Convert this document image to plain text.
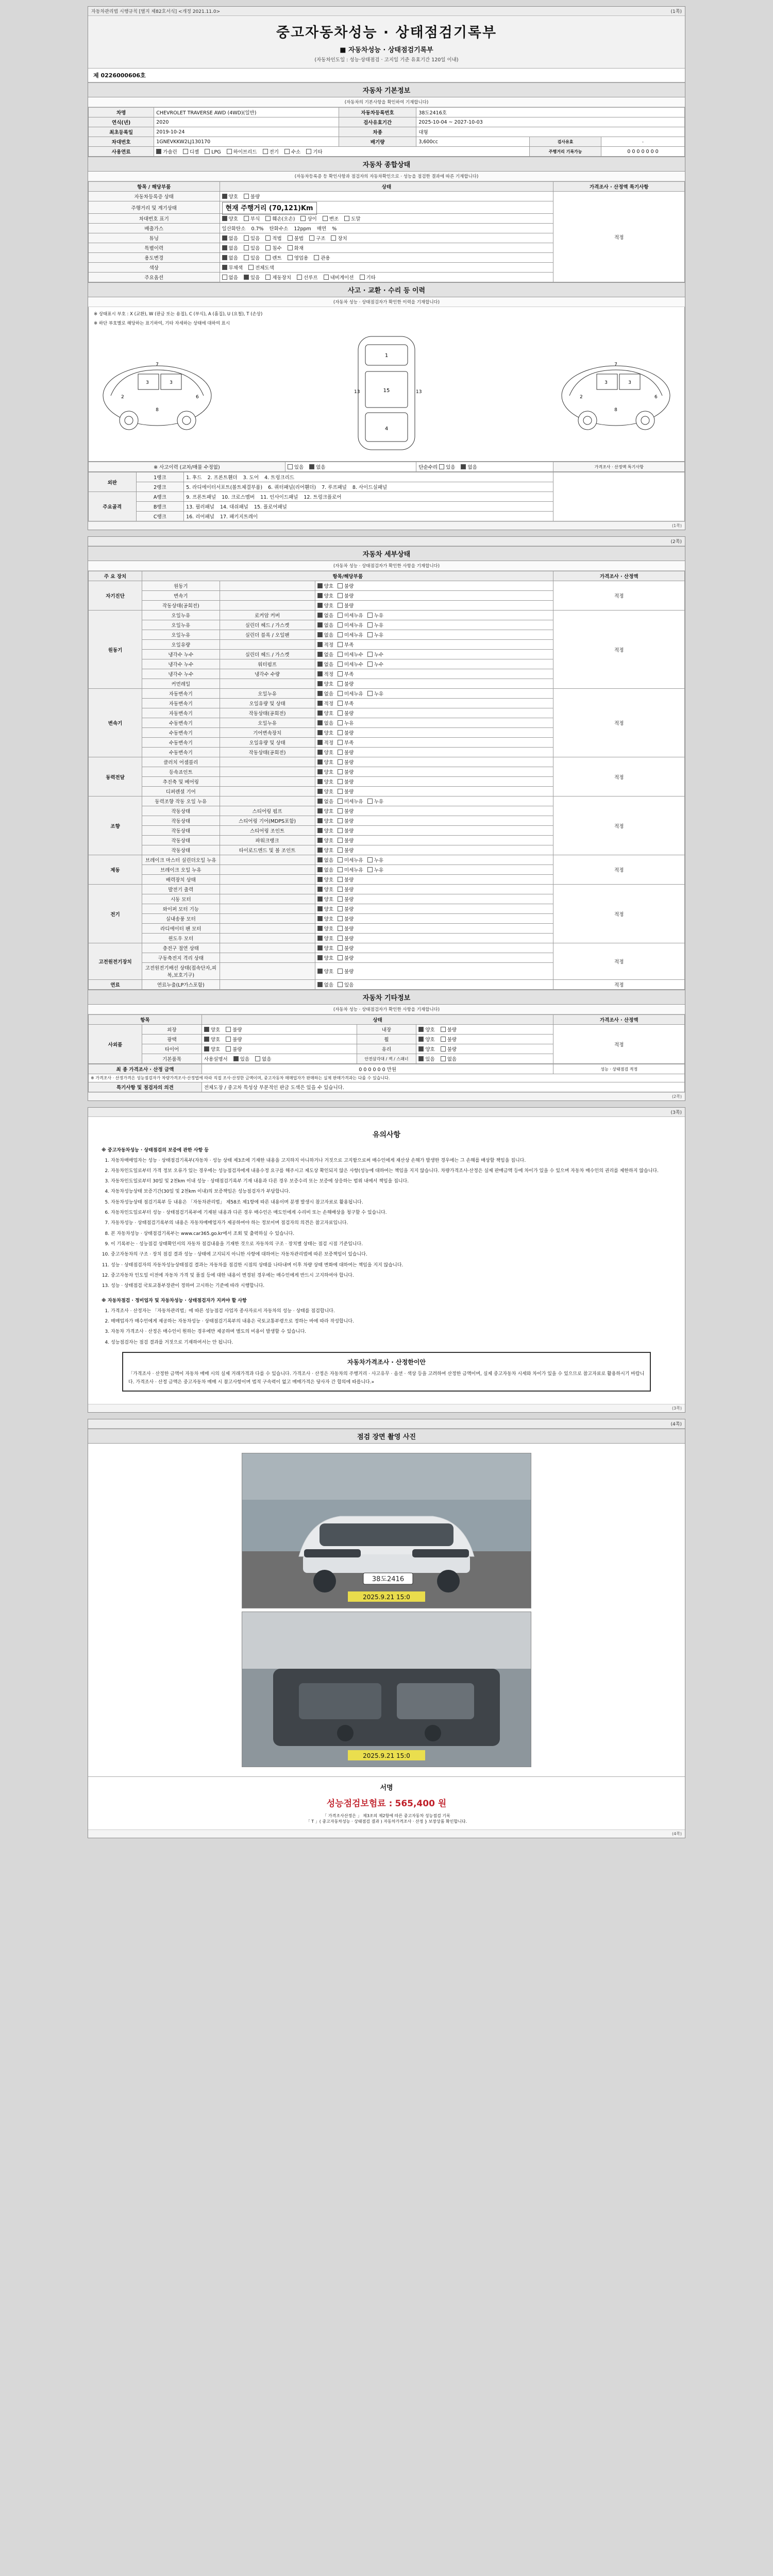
자동차관리법 시행규칙 [별지 제82호서식] <개정 2021.11.0>	(1쪽)
중고자동차성능 · 상태점검기록부
■ 자동차성능 · 상태점검기록부
(자동차인도일 : 성능·상태점검 · 고지일 기준 유효기간 120일 이내)
제 0226000606호
자동차 기본정보
(자동차의 기본사항을 확인하여 기재합니다)
차명	CHEVROLET TRAVERSE AWD (4WD)(일반)	자동차등록번호	38도2416호		
연식(년)	2020	검사유효기간	2025-10-04 ~ 2027-10-03		
최초등록일	2019-10-24	차종	대형		
차대번호	1GNEVKKW2LJ130170	배기량	3,600cc	검사유효	-
사용연료	가솔린 디젤 LPG 하이브리드 전기 수소 기타			주행거리 기록가능	0 0 0 0 0 0 0
자동차 종합상태
(자동차등록증 등 확인사항과 점검자의 자동차확인으로 · 성능을 점검한 결과에 따른 기재합니다)
항목 / 해당부품	상태	가격조사 · 산정액 특기사항
자동차등록증 상태	양호 불량	적정
주행거리 및 계기상태	현재 주행거리 (70,121)Km	
차대번호 표기	양호 부식 훼손(오손) 상이 변조 도말	
배출가스	일산화탄소 0.7% 탄화수소 12ppm 매연 %	
튜닝	없음 있음 적법 불법 구조 장치	
특별이력	없음 있음 침수 화재	
용도변경	없음 있음 렌트 영업용 관용	
색상	무채색 전체도색	
주요옵션	없음 있음 제동장치 선루프 내비게이션 기타	
사고 · 교환 · 수리 등 이력
(자동차 성능 · 상태점검자가 확인한 이력을 기재합니다)
※ 상태표시 부호 : X (교환), W (판금 또는 용접), C (부식), A (흠집), U (요철), T (손상)
※ 하단 부호별로 해당하는 표기하여, 기타 자세하는 상태에 대하여 표시
3	3
2	6
7
8
1
15
4
13	13
3	3
2	6
7
8
※ 사고이력 (교차/매물 수정없)	있음	없음	단순수리 있음	없음	가격조사 · 산정액 특기사항
외판	1랭크	1. 후드 2. 프론트휀더 3. 도어 4. 트렁크리드	
	2랭크	5. 라디에이터서포트(볼트체결부품) 6. 쿼터패널(리어휀더) 7. 루프패널 8. 사이드실패널	
주요골격	A랭크	9. 프론트패널 10. 크로스멤버 11. 인사이드패널 12. 트렁크플로어	
	B랭크	13. 필러패널 14. 대쉬패널 15. 플로어패널	
	C랭크	16. 리어패널 17. 패키지트레이	
(1쪽)
(2쪽)
자동차 세부상태
(자동차 성능 · 상태점검자가 확인한 사항을 기재합니다)
주 요 장치	항목/해당부품			가격조사 · 산정액
자기진단	원동기		양호 불량	적정
	변속기		양호 불량	
	작동상태(공회전)		양호 불량	
원동기	오일누유	로커암 커버	없음 미세누유 누유	적정
	오일누유	실린더 헤드 / 가스켓	없음 미세누유 누유	
	오일누유	실린더 블록 / 오일팬	없음 미세누유 누유	
	오일유량		적정 부족	
	냉각수 누수	실린더 헤드 / 가스켓	없음 미세누수 누수	
	냉각수 누수	워터펌프	없음 미세누수 누수	
	냉각수 누수	냉각수 수량	적정 부족	
	커먼레일		양호 불량	
변속기	자동변속기	오일누유	없음 미세누유 누유	적정
	자동변속기	오일유량 및 상태	적정 부족	
	자동변속기	작동상태(공회전)	양호 불량	
	수동변속기	오일누유	없음 누유	
	수동변속기	기어변속장치	양호 불량	
	수동변속기	오일유량 및 상태	적정 부족	
	수동변속기	작동상태(공회전)	양호 불량	
동력전달	클러치 어셈블리		양호 불량	적정
	등속죠인트		양호 불량	
	추진축 및 베어링		양호 불량	
	디퍼렌셜 기어		양호 불량	
조향	동력조향 작동 오일 누유		없음 미세누유 누유	적정
	작동상태	스티어링 펌프	양호 불량	
	작동상태	스티어링 기어(MDPS포함)	양호 불량	
	작동상태	스티어링 조인트	양호 불량	
	작동상태	파워크랭크	양호 불량	
	작동상태	타이로드엔드 및 볼 조인트	양호 불량	
제동	브레이크 마스터 실린더오일 누유		없음 미세누유 누유	적정
	브레이크 오일 누유		없음 미세누유 누유	
	배력장치 상태		양호 불량	
전기	발전기 출력		양호 불량	적정
	시동 모터		양호 불량	
	와이퍼 모터 기능		양호 불량	
	실내송풍 모터		양호 불량	
	라디에이터 팬 모터		양호 불량	
	윈도우 모터		양호 불량	
고전원전기장치	충전구 절연 상태		양호 불량	적정
	구동축전지 격리 상태		양호 불량	
	고전원전기배선 상태(접속단자,피복,보호기구)		양호 불량	
연료	연료누출(LP가스포함)		없음 있음	적정
자동차 기타정보
(자동차 성능 · 상태점검자가 확인한 사항을 기재합니다)
항목		상태			가격조사 · 산정액
사외품	외장	양호 불량	내장	양호 불량	적정
	광택	양호 불량	휠	양호 불량	
	타이어	양호 불량	유리	양호 불량	
	기본품목	사용설명서 있음 없음	안전삼각대 / 잭 / 스패너	있음 없음	
최 종 가격조사 · 산정 금액	0 0 0 0 0 0 만원	성능 · 상태점검 적정
※ 가격조사 · 산정가격은 성능점검자가 차량가격조사·산정법에 따라 직접 조사·산정한 금액이며, 중고자동차 매매업자가 판매하는 실제 판매가격과는 다를 수 있습니다.		
특기사항 및 점검자의 의견	전체도장 / 중고차 특성상 부분적인 판금 도색은 있을 수 있습니다.	
(2쪽)
(3쪽)
유의사항
※ 중고자동차성능 · 상태점검의 보증에 관한 사항 등
1. 자동차매매업자는 성능 · 상태점검기록부(자동차 · 성능 상태 제3조에 기재한 내용을 고지하지 아니하거나 거짓으로 고지함으로써 매수인에게 재산상 손해가 발생한 경우에는 그 손해를 배상할 책임을 집니다.
2. 자동차인도일로부터 가격 정보 오류가 있는 경우에는 성능점검자에게 내용수정 요구를 해주시고 제도상 확인되지 않은 사항(성능에 대하여는 책임을 지지 않습니다. 차량가격조사·산정은 실제 판매금액 등에 차이가 있을 수 있으며 자동차 매수인의 권리를 제한하지 않습니다.
3. 자동차인도일로부터 30일 및 2천km 이내 성능 · 상태점검기록부 기재 내용과 다른 경우 보증수리 또는 보증에 상응하는 범위 내에서 책임을 집니다.
4. 자동차성능상태 보증기간(30일 및 2천km 이내)의 보증책임은 성능점검자가 부담합니다.
5. 자동차성능상태 점검기록부 등 내용은 「자동차관리법」 제58조 제1항에 따른 내용이며 분쟁 발생시 참고자료로 활용됩니다.
6. 자동차인도일로부터 성능 · 상태점검기록부에 기재된 내용과 다른 경우 매수인은 매도인에게 수리비 또는 손해배상을 청구할 수 있습니다.
7. 자동차성능 · 상태점검기록부의 내용은 자동차매매업자가 제공하여야 하는 정보이며 점검자의 의견은 참고자료입니다.
8. 본 자동차성능 · 상태점검기록부는 www.car365.go.kr에서 조회 및 출력하실 수 있습니다.
9. 이 기록부는 · 성능점검 상태확인서의 자동차 점검내용을 기재한 것으로 자동차의 구조 · 장치별 상태는 점검 시점 기준입니다.
10. 중고자동차의 구조 · 장치 점검 결과 성능 · 상태에 고지되지 아니한 사항에 대하여는 자동차관리법에 따른 보증책임이 있습니다.
11. 성능 · 상태점검자의 자동차성능상태점검 결과는 자동차를 점검한 시점의 상태를 나타내며 이후 차량 상태 변화에 대하여는 책임을 지지 않습니다.
12. 중고자동차 인도일 이전에 자동차 가격 및 품질 등에 대한 내용이 변경된 경우에는 매수인에게 반드시 고지하여야 합니다.
13. 성능 · 상태점검 국토교통부장관이 정하여 고시하는 기준에 따라 시행합니다.
※ 자동차점검 · 정비업자 및 자동차성능 · 상태점검자가 지켜야 할 사항
1. 가격조사 · 산정자는 「자동차관리법」에 따른 성능점검 사업자 종사자로서 자동차의 성능 · 상태를 점검합니다.
2. 매매업자가 매수인에게 제공하는 자동차성능 · 상태점검기록부의 내용은 국토교통부령으로 정하는 바에 따라 작성합니다.
3. 자동차 가격조사 · 산정은 매수인이 원하는 경우에만 제공하며 별도의 비용이 발생할 수 있습니다.
4. 성능점검자는 점검 결과를 거짓으로 기재하여서는 안 됩니다.
자동차가격조사 · 산정한이안
「가격조사 · 산정한 금액이 자동차 매매 시의 실제 거래가격과 다를 수 있습니다. 가격조사 · 산정은 자동차의 주행거리 · 사고유무 · 옵션 · 색상 등을 고려하여 산정한 금액이며, 실제 중고자동차 시세와 차이가 있을 수 있으므로 참고자료로 활용하시기 바랍니다. 가격조사 · 산정 금액은 중고자동차 매매 시 참고사항이며 법적 구속력이 없고 매매가격은 당사자 간 합의에 따릅니다.»
(3쪽)
(4쪽)
점검 장면 촬영 사진
38도2416
2025.9.21 15:0
2025.9.21 15:0
서명
성능점검보험료 : 565,400 원
「 가격조사산정은 」 제3조의 제2항에 따른 중고자동차 성능점검 기록
「 T 」( 중고자동차성능 · 상태점검 결과 ) 자동차가격조사 · 산정 } 보장상품 확인합니다.
(4쪽)
